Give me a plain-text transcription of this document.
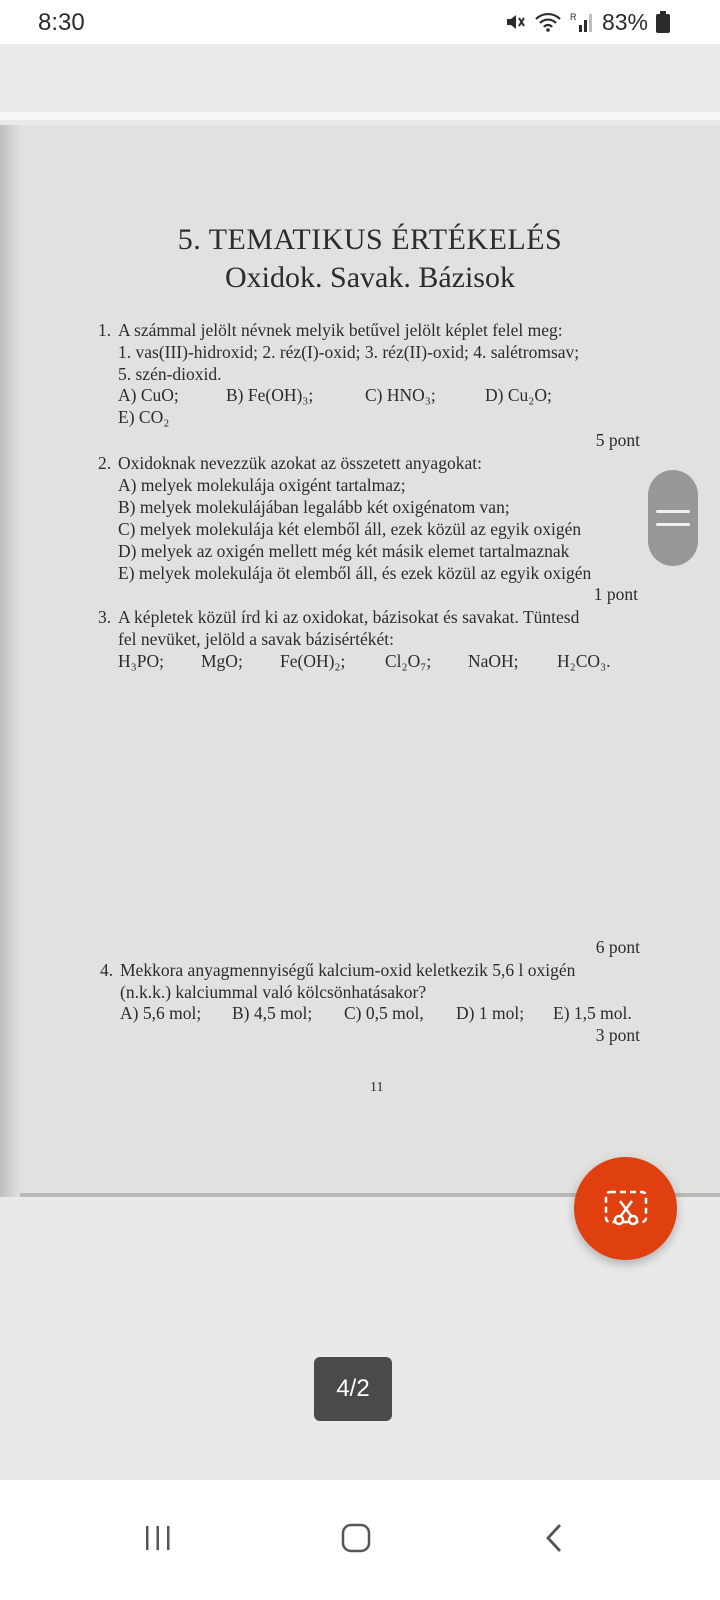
8:30	R 83%
5. TEMATIKUS ÉRTÉKELÉS
Oxidok. Savak. Bázisok
1. A számmal jelölt névnek melyik betűvel jelölt képlet felel meg:
1. vas(III)-hidroxid; 2. réz(I)-oxid; 3. réz(II)-oxid; 4. salétromsav;
5. szén-dioxid.
A) CuO;	B) Fe(OH)₃;	C) HNO₃;	D) Cu₂O;
E) CO₂
5 pont
2. Oxidoknak nevezzük azokat az összetett anyagokat:
A) melyek molekulája oxigént tartalmaz;
B) melyek molekulájában legalább két oxigénatom van;
C) melyek molekulája két elemből áll, ezek közül az egyik oxigén
D) melyek az oxigén mellett még két másik elemet tartalmaznak
E) melyek molekulája öt elemből áll, és ezek közül az egyik oxigén
1 pont
3. A képletek közül írd ki az oxidokat, bázisokat és savakat. Tüntesd
fel nevüket, jelöld a savak bázisértékét:
H₃PO; MgO; Fe(OH)₂; Cl₂O₇; NaOH; H₂CO₃.
6 pont
4. Mekkora anyagmennyiségű kalcium-oxid keletkezik 5,6 l oxigén
(n.k.k.) kalciummal való kölcsönhatásakor?
A) 5,6 mol; B) 4,5 mol; C) 0,5 mol, D) 1 mol; E) 1,5 mol.
3 pont
11
4/2
